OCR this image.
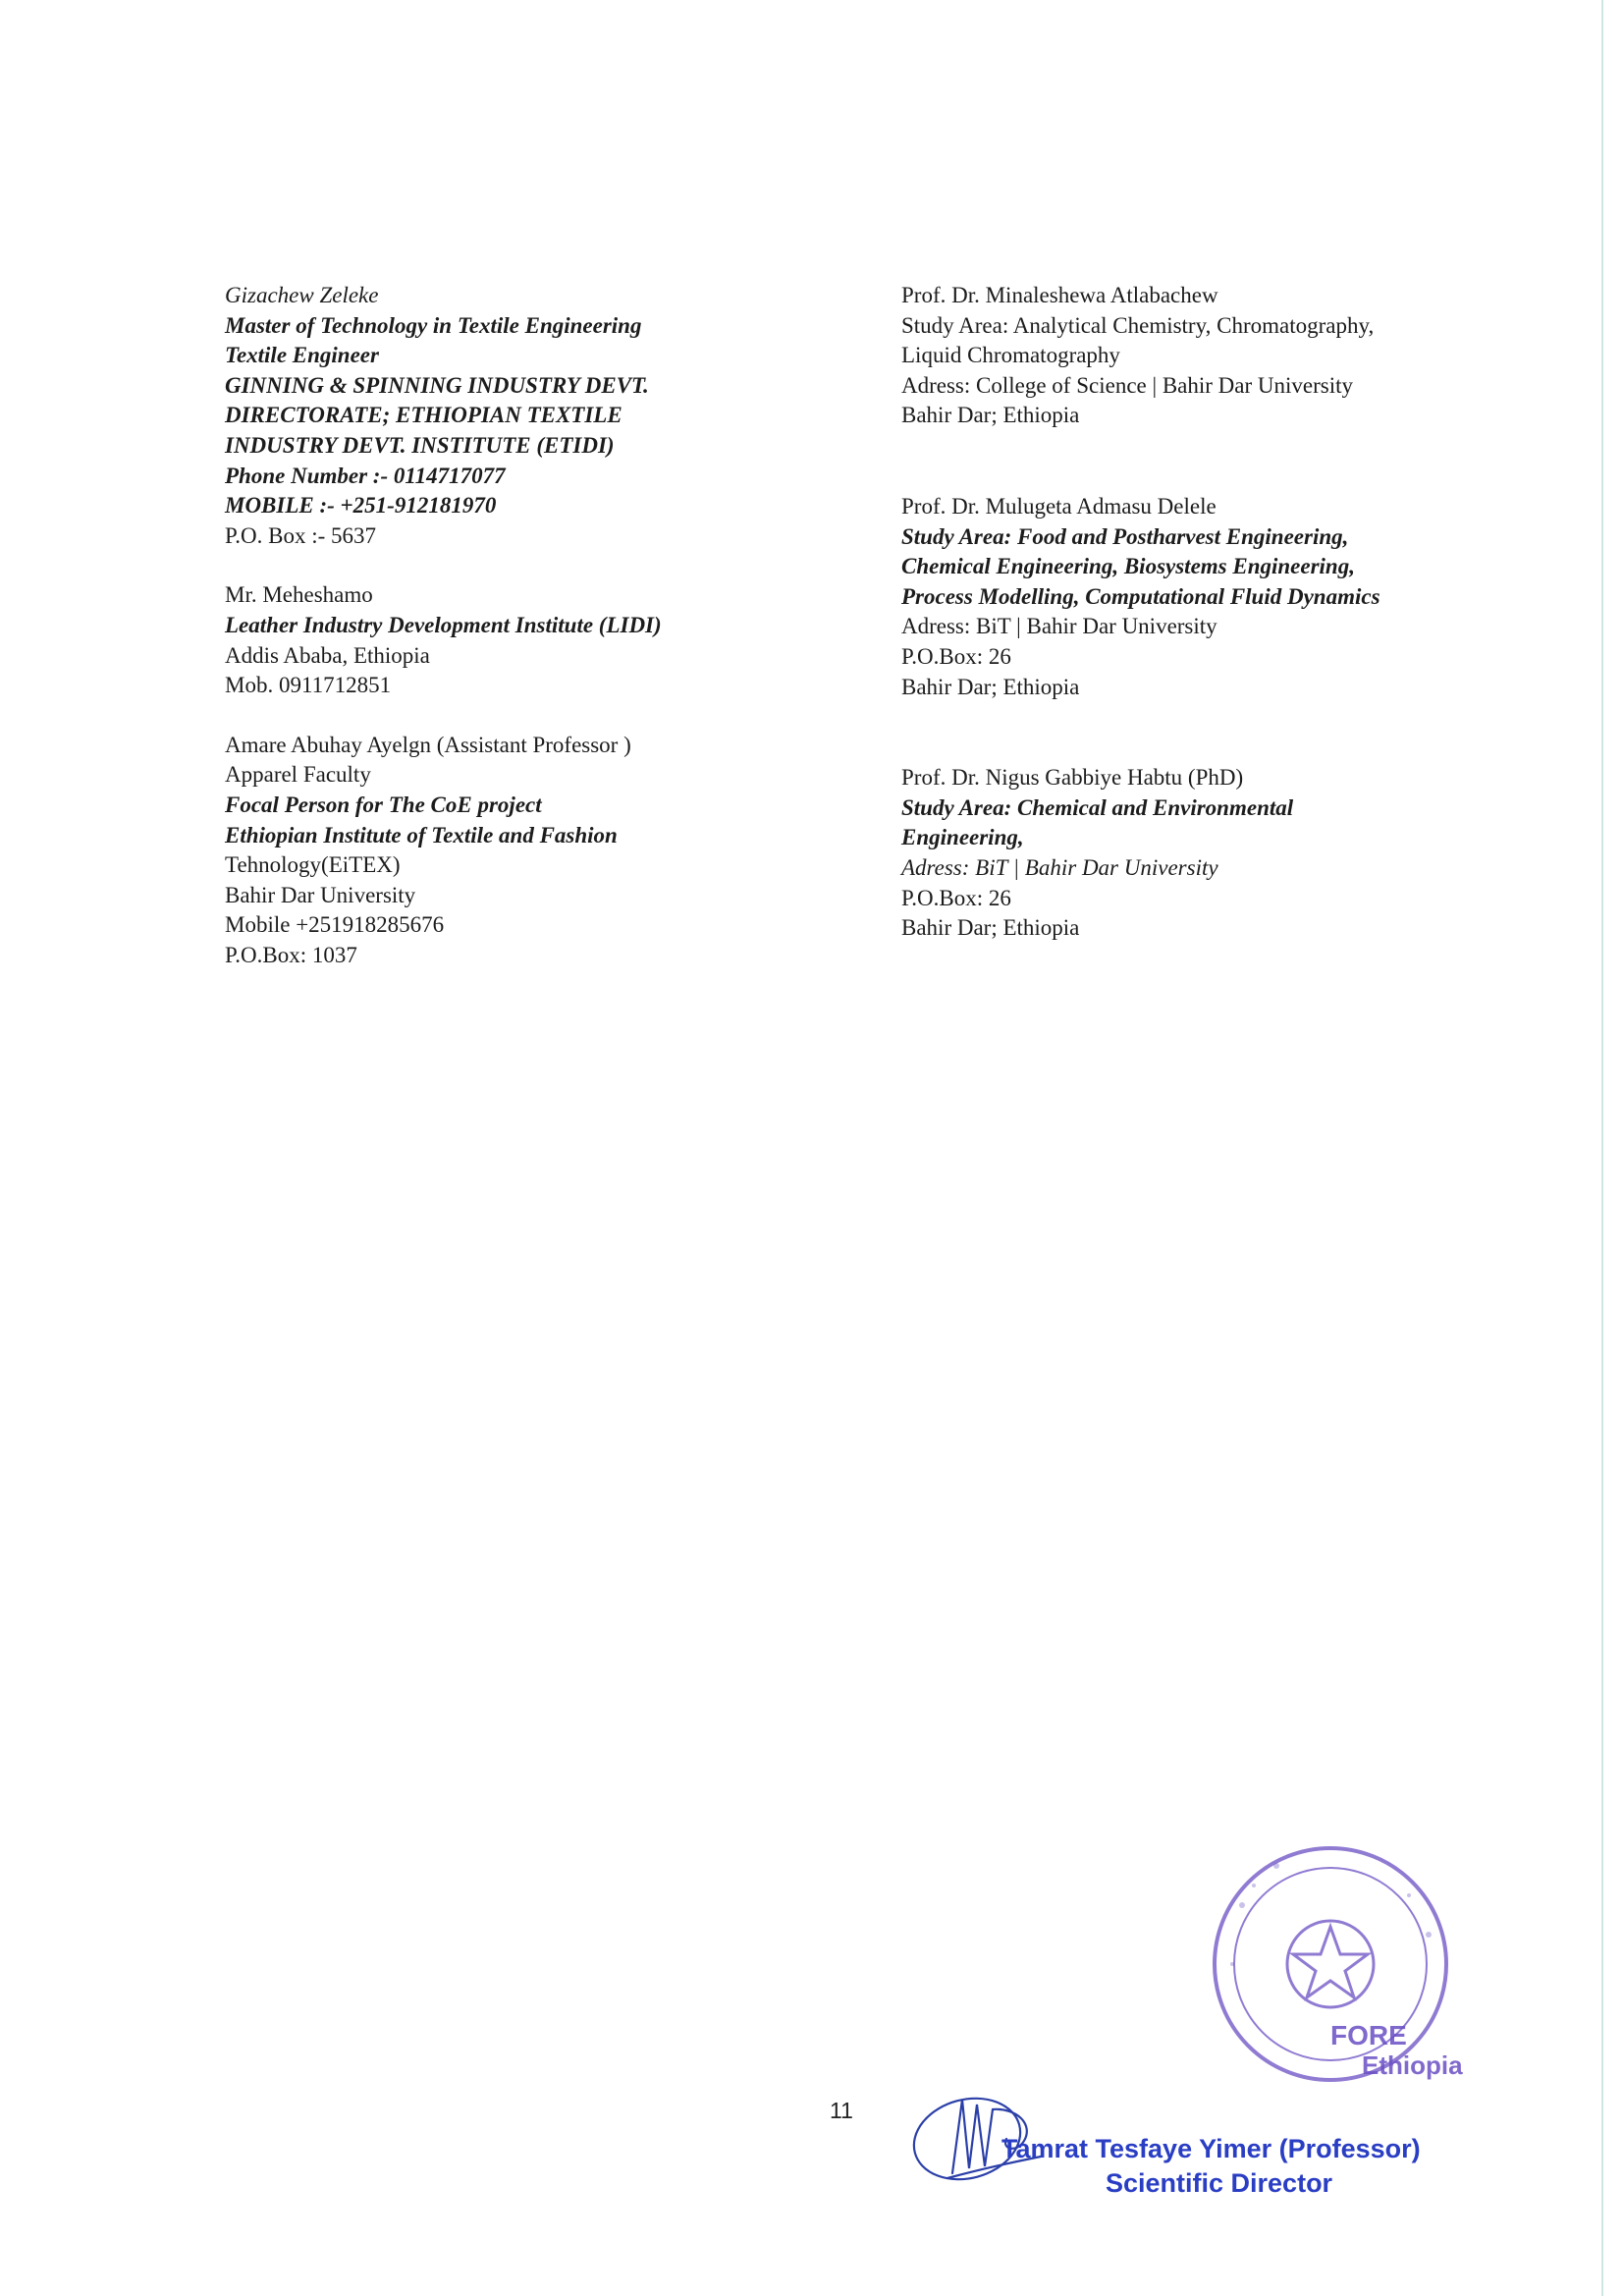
Gizachew Zeleke
Master of Technology in Textile Engineering
Textile Engineer
GINNING & SPINNING INDUSTRY DEVT.
DIRECTORATE; ETHIOPIAN TEXTILE
INDUSTRY DEVT. INSTITUTE (ETIDI)
Phone Number :- 0114717077
MOBILE :- +251-912181970
P.O. Box :- 5637
Mr. Meheshamo
Leather Industry Development Institute (LIDI)
Addis Ababa, Ethiopia
Mob. 0911712851
Amare Abuhay Ayelgn (Assistant Professor )
Apparel Faculty
Focal Person for The CoE project
Ethiopian Institute of Textile and Fashion
Tehnology(EiTEX)
Bahir Dar University
Mobile +251918285676
P.O.Box: 1037
Prof. Dr. Minaleshewa Atlabachew
Study Area: Analytical Chemistry, Chromatography,
Liquid Chromatography
Adress: College of Science | Bahir Dar University
Bahir Dar; Ethiopia
Prof. Dr. Mulugeta Admasu Delele
Study Area: Food and Postharvest Engineering,
Chemical Engineering, Biosystems Engineering,
Process Modelling, Computational Fluid Dynamics
Adress: BiT | Bahir Dar University
P.O.Box: 26
Bahir Dar; Ethiopia
Prof. Dr. Nigus Gabbiye Habtu (PhD)
Study Area: Chemical and Environmental
Engineering,
Adress: BiT | Bahir Dar University
P.O.Box: 26
Bahir Dar; Ethiopia
11
FORE
Ethiopia
Tamrat Tesfaye Yimer (Professor)
Scientific Director
